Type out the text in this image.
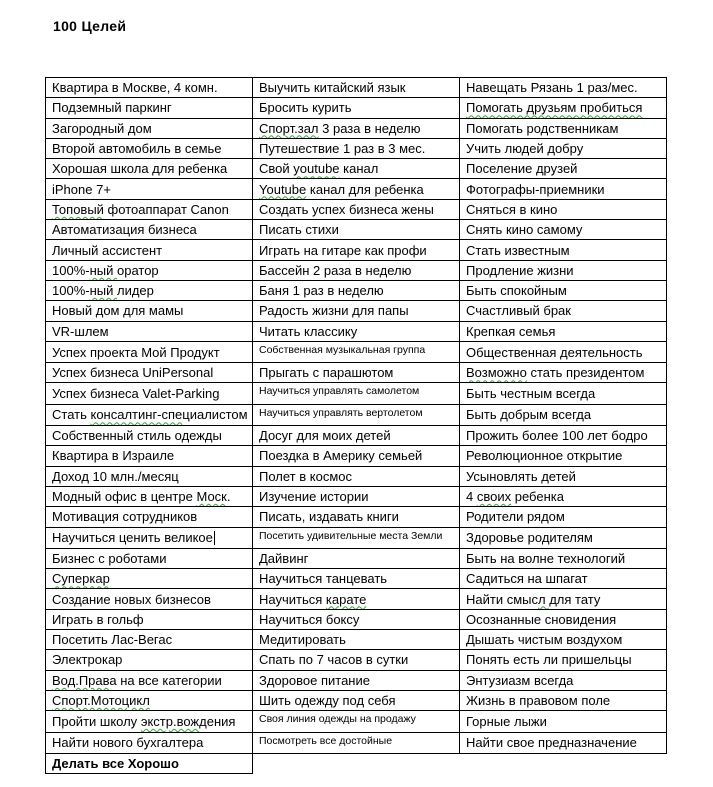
100 Целей
Квартира в Москве, 4 комн.	Выучить китайский язык	Навещать Рязань 1 раз/мес.
Подземный паркинг	Бросить курить	Помогать друзьям пробиться
Загородный дом	Спорт.зал 3 раза в неделю	Помогать родственникам
Второй автомобиль в семье	Путешествие 1 раз в 3 мес.	Учить людей добру
Хорошая школа для ребенка	Свой youtube канал	Поселение друзей
iPhone 7+	Youtube канал для ребенка	Фотографы-приемники
Топовый фотоаппарат Canon	Создать успех бизнеса жены	Сняться в кино
Автоматизация бизнеса	Писать стихи	Снять кино самому
Личный ассистент	Играть на гитаре как профи	Стать известным
100%-ный оратор	Бассейн 2 раза в неделю	Продление жизни
100%-ный лидер	Баня 1 раз в неделю	Быть спокойным
Новый дом для мамы	Радость жизни для папы	Счастливый брак
VR-шлем	Читать классику	Крепкая семья
Успех проекта Мой Продукт	Собственная музыкальная группа	Общественная деятельность
Успех бизнеса UniPersonal	Прыгать с парашютом	Возможно стать президентом
Успех бизнеса Valet-Parking	Научиться управлять самолетом	Быть честным всегда
Стать консалтинг-специалистом	Научиться управлять вертолетом	Быть добрым всегда
Собственный стиль одежды	Досуг для моих детей	Прожить более 100 лет бодро
Квартира в Израиле	Поездка в Америку семьей	Революционное открытие
Доход 10 млн./месяц	Полет в космос	Усыновлять детей
Модный офис в центре Моск.	Изучение истории	4 своих ребенка
Мотивация сотрудников	Писать, издавать книги	Родители рядом
Научиться ценить великое	Посетить удивительные места Земли	Здоровье родителям
Бизнес с роботами	Дайвинг	Быть на волне технологий
Суперкар	Научиться танцевать	Садиться на шпагат
Создание новых бизнесов	Научиться карате	Найти смысл для тату
Играть в гольф	Научиться боксу	Осознанные сновидения
Посетить Лас-Вегас	Медитировать	Дышать чистым воздухом
Электрокар	Спать по 7 часов в сутки	Понять есть ли пришельцы
Вод.Права на все категории	Здоровое питание	Энтузиазм всегда
Спорт.Мотоцикл	Шить одежду под себя	Жизнь в правовом поле
Пройти школу экстр.вождения	Своя линия одежды на продажу	Горные лыжи
Найти нового бухгалтера	Посмотреть все достойные	Найти свое предназначение
Делать все Хорошо		
